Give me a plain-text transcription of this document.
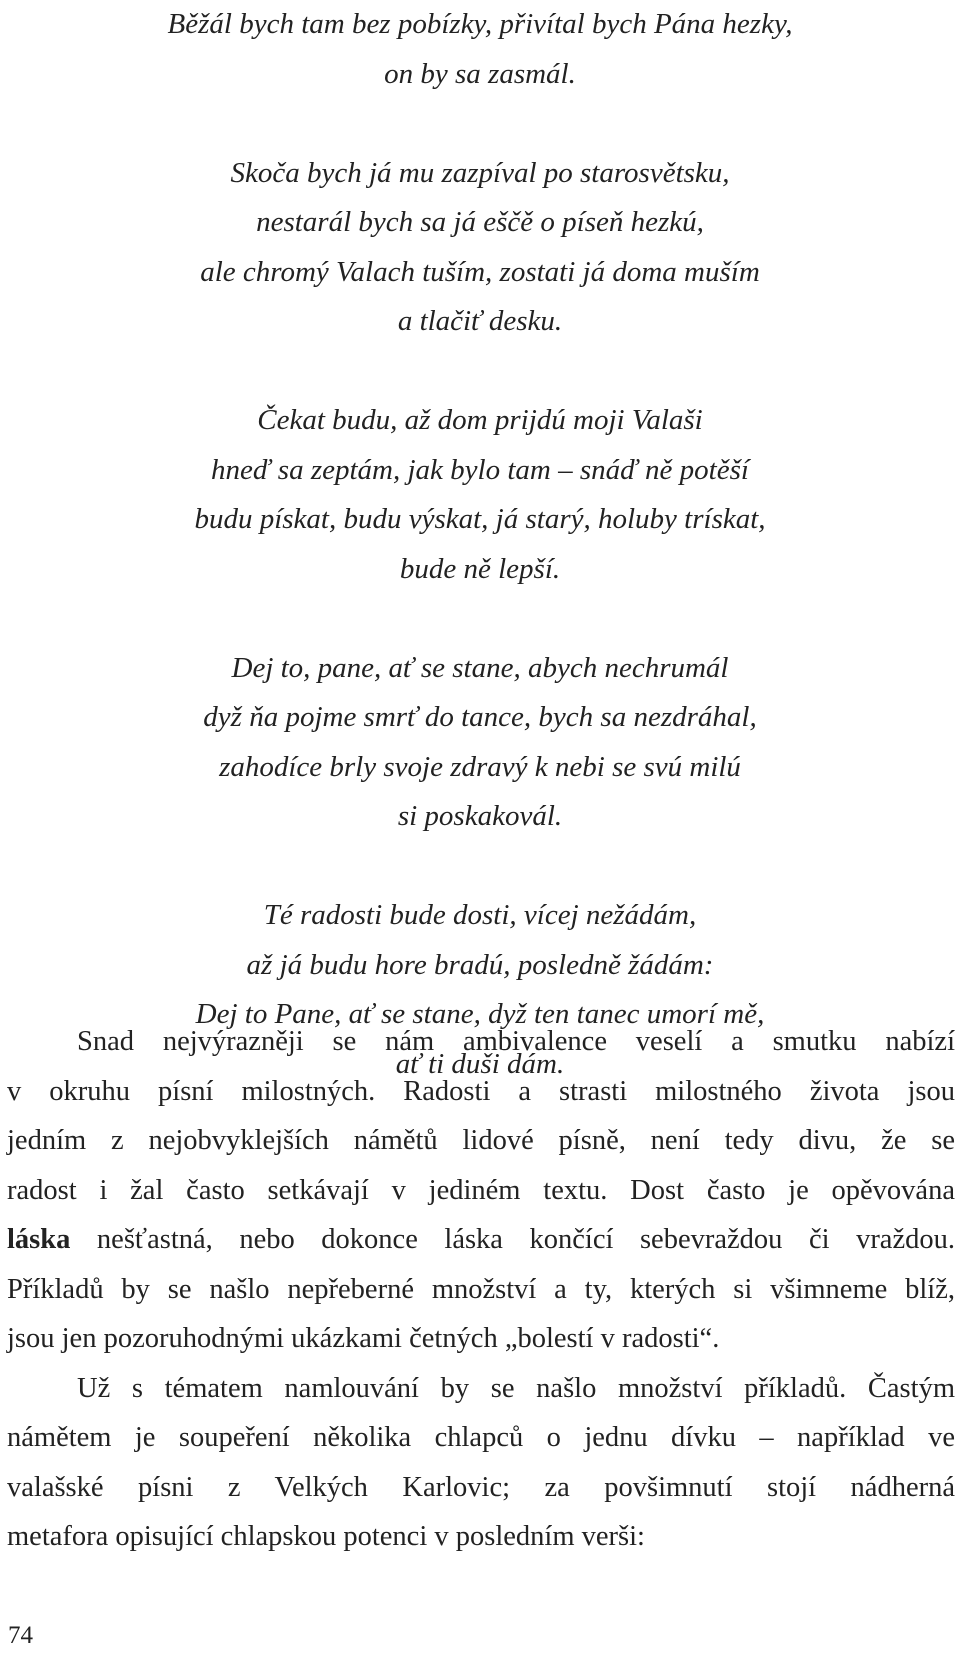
Běžál bych tam bez pobízky, přivítal bych Pána hezky,
on by sa zasmál.
Skoča bych já mu zazpíval po starosvětsku,
nestarál bych sa já eščě o píseň hezkú,
ale chromý Valach tuším, zostati já doma muším
a tlačiť desku.
Čekat budu, až dom prijdú moji Valaši
hneď sa zeptám, jak bylo tam – snáď ně potěší
budu pískat, budu výskat, já starý, holuby trískat,
bude ně lepší.
Dej to, pane, ať se stane, abych nechrumál
dyž ňa pojme smrť do tance, bych sa nezdráhal,
zahodíce brly svoje zdravý k nebi se svú milú
si poskakovál.
Té radosti bude dosti, vícej nežádám,
až já budu hore bradú, posledně žádám:
Dej to Pane, ať se stane, dyž ten tanec umorí mě,
ať ti duši dám.
Snad nejvýrazněji se nám ambivalence veselí a smutku nabízí
v okruhu písní milostných. Radosti a strasti milostného života jsou
jedním z nejobvyklejších námětů lidové písně, není tedy divu, že se
radost i žal často setkávají v jediném textu. Dost často je opěvována
láska nešťastná, nebo dokonce láska končící sebevraždou či vraždou.
Příkladů by se našlo nepřeberné množství a ty, kterých si všimneme blíž,
jsou jen pozoruhodnými ukázkami četných „bolestí v radosti“.
Už s tématem namlouvání by se našlo množství příkladů. Častým
námětem je soupeření několika chlapců o jednu dívku – například ve
valašské písni z Velkých Karlovic; za povšimnutí stojí nádherná
metafora opisující chlapskou potenci v posledním verši:
74
